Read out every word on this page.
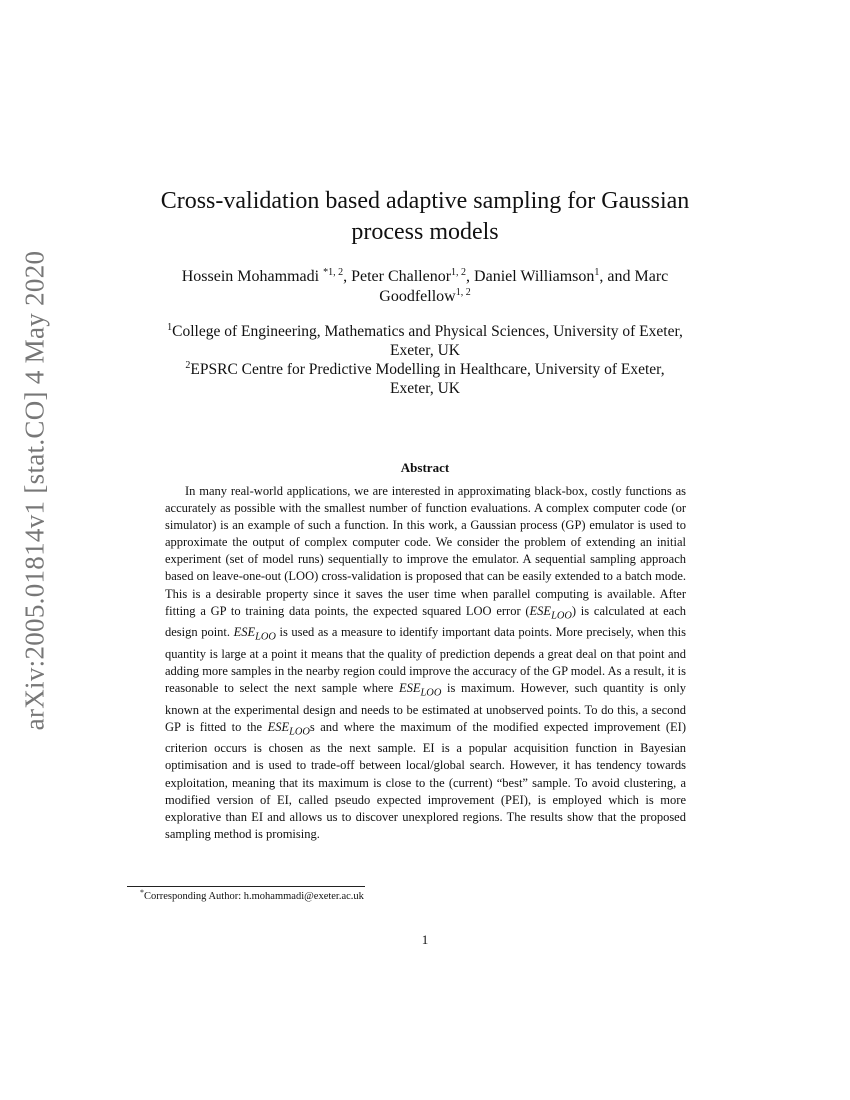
arXiv:2005.01814v1 [stat.CO] 4 May 2020
Cross-validation based adaptive sampling for Gaussian
process models
Hossein Mohammadi $^{*1, 2}$, Peter Challenor$^{1, 2}$, Daniel Williamson$^1$, and Marc
Goodfellow$^{1, 2}$

$^1$College of Engineering, Mathematics and Physical Sciences, University of Exeter,
Exeter, UK

$^2$EPSRC Centre for Predictive Modelling in Healthcare, University of Exeter,
Exeter, UK

Abstract

In many real-world applications, we are interested in approximating black-box, costly functions as accurately as possible with the smallest number of function evaluations. A complex computer code (or simulator) is an example of such a function. In this work, a Gaussian process (GP) emulator is used to approximate the output of complex computer code. We consider the problem of extending an initial experiment (set of model runs) sequentially to improve the emulator. A sequential sampling approach based on leave-one-out (LOO) cross-validation is proposed that can be easily extended to a batch mode. This is a desirable property since it saves the user time when parallel computing is available. After fitting a GP to training data points, the expected squared LOO error $(ESE_{LOO})$ is calculated at each design point. $ESE_{LOO}$ is used as a measure to identify important data points. More precisely, when this quantity is large at a point it means that the quality of prediction depends a great deal on that point and adding more samples in the nearby region could improve the accuracy of the GP model. As a result, it is reasonable to select the next sample where $ESE_{LOO}$ is maximum. However, such quantity is only known at the experimental design and needs to be estimated at unobserved points. To do this, a second GP is fitted to the $ESE_{LOO}s$ and where the maximum of the modified expected improvement (EI) criterion occurs is chosen as the next sample. EI is a popular acquisition function in Bayesian optimisation and is used to trade-off between local/global search. However, it has tendency towards exploitation, meaning that its maximum is close to the (current) “best” sample. To avoid clustering, a modified version of EI, called pseudo expected improvement (PEI), is employed which is more explorative than EI and allows us to discover unexplored regions. The results show that the proposed sampling method is promising.

*Corresponding Author: h.mohammadi@exeter.ac.uk
1
